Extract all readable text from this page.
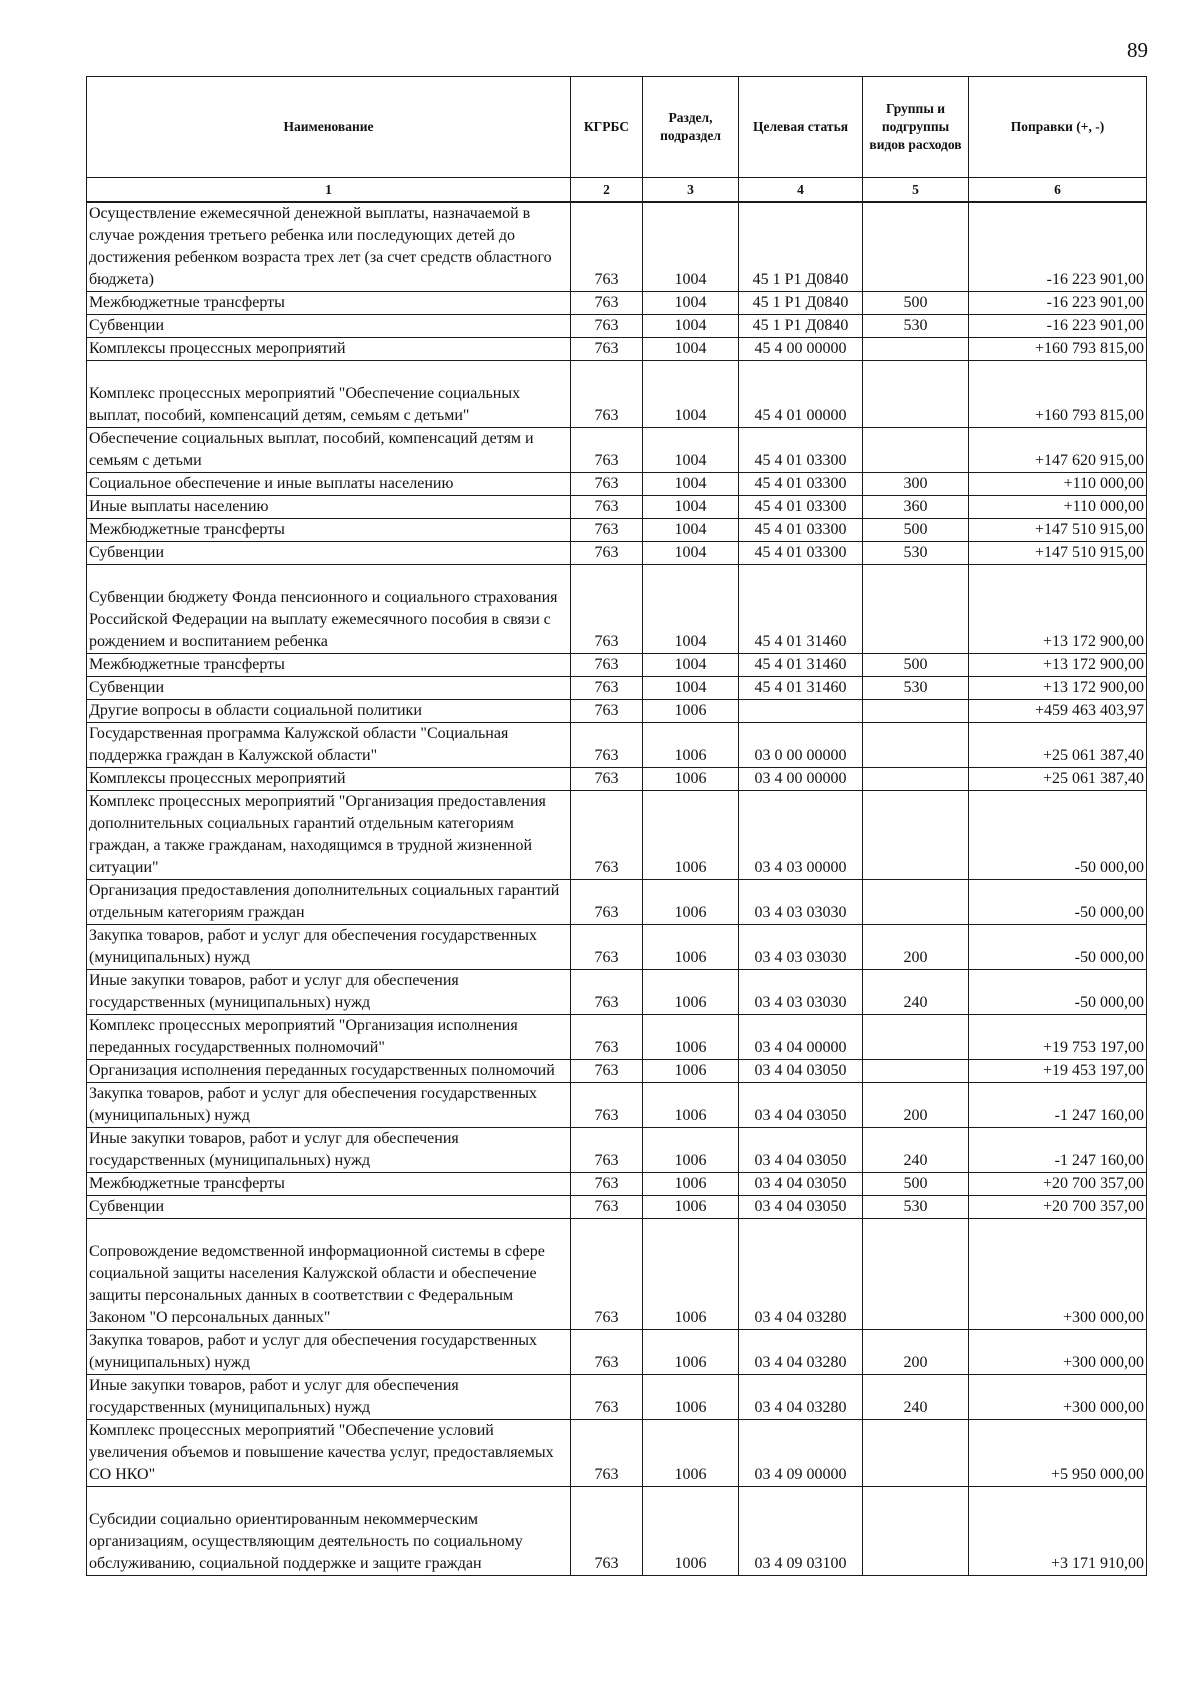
89
Наименование	КГРБС	Раздел, подраздел	Целевая статья	Группы и подгруппы видов расходов	Поправки (+, -)
1	2	3	4	5	6
Осуществление ежемесячной денежной выплаты, назначаемой в случае рождения третьего ребенка или последующих детей до достижения ребенком возраста трех лет (за счет средств областного бюджета)	763	1004	45 1 Р1 Д0840		-16 223 901,00
Межбюджетные трансферты	763	1004	45 1 Р1 Д0840	500	-16 223 901,00
Субвенции	763	1004	45 1 Р1 Д0840	530	-16 223 901,00
Комплексы процессных мероприятий	763	1004	45 4 00 00000		+160 793 815,00
Комплекс процессных мероприятий "Обеспечение социальных выплат, пособий, компенсаций детям, семьям с детьми"	763	1004	45 4 01 00000		+160 793 815,00
Обеспечение социальных выплат, пособий, компенсаций детям и семьям с детьми	763	1004	45 4 01 03300		+147 620 915,00
Социальное обеспечение и иные выплаты населению	763	1004	45 4 01 03300	300	+110 000,00
Иные выплаты населению	763	1004	45 4 01 03300	360	+110 000,00
Межбюджетные трансферты	763	1004	45 4 01 03300	500	+147 510 915,00
Субвенции	763	1004	45 4 01 03300	530	+147 510 915,00
Субвенции бюджету Фонда пенсионного и социального страхования Российской Федерации на выплату ежемесячного пособия в связи с рождением и воспитанием ребенка	763	1004	45 4 01 31460		+13 172 900,00
Межбюджетные трансферты	763	1004	45 4 01 31460	500	+13 172 900,00
Субвенции	763	1004	45 4 01 31460	530	+13 172 900,00
Другие вопросы в области социальной политики	763	1006			+459 463 403,97
Государственная программа Калужской области "Социальная поддержка граждан в Калужской области"	763	1006	03 0 00 00000		+25 061 387,40
Комплексы процессных мероприятий	763	1006	03 4 00 00000		+25 061 387,40
Комплекс процессных мероприятий "Организация предоставления дополнительных социальных гарантий отдельным категориям граждан, а также гражданам, находящимся в трудной жизненной ситуации"	763	1006	03 4 03 00000		-50 000,00
Организация предоставления дополнительных социальных гарантий отдельным категориям граждан	763	1006	03 4 03 03030		-50 000,00
Закупка товаров, работ и услуг для обеспечения государственных (муниципальных) нужд	763	1006	03 4 03 03030	200	-50 000,00
Иные закупки товаров, работ и услуг для обеспечения государственных (муниципальных) нужд	763	1006	03 4 03 03030	240	-50 000,00
Комплекс процессных мероприятий "Организация исполнения переданных государственных полномочий"	763	1006	03 4 04 00000		+19 753 197,00
Организация исполнения переданных государственных полномочий	763	1006	03 4 04 03050		+19 453 197,00
Закупка товаров, работ и услуг для обеспечения государственных (муниципальных) нужд	763	1006	03 4 04 03050	200	-1 247 160,00
Иные закупки товаров, работ и услуг для обеспечения государственных (муниципальных) нужд	763	1006	03 4 04 03050	240	-1 247 160,00
Межбюджетные трансферты	763	1006	03 4 04 03050	500	+20 700 357,00
Субвенции	763	1006	03 4 04 03050	530	+20 700 357,00
Сопровождение ведомственной информационной системы в сфере социальной защиты населения Калужской области и обеспечение защиты персональных данных в соответствии с Федеральным Законом "О персональных данных"	763	1006	03 4 04 03280		+300 000,00
Закупка товаров, работ и услуг для обеспечения государственных (муниципальных) нужд	763	1006	03 4 04 03280	200	+300 000,00
Иные закупки товаров, работ и услуг для обеспечения государственных (муниципальных) нужд	763	1006	03 4 04 03280	240	+300 000,00
Комплекс процессных мероприятий "Обеспечение условий увеличения объемов и повышение качества услуг, предоставляемых СО НКО"	763	1006	03 4 09 00000		+5 950 000,00
Субсидии социально ориентированным некоммерческим организациям, осуществляющим деятельность по социальному обслуживанию, социальной поддержке и защите граждан	763	1006	03 4 09 03100		+3 171 910,00
